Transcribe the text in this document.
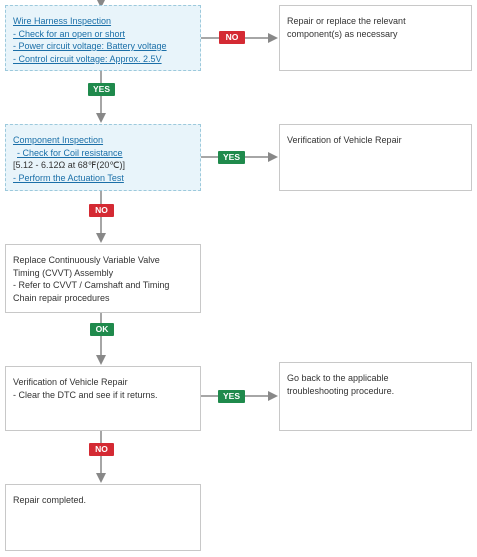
Wire Harness Inspection
- Check for an open or short
- Power circuit voltage: Battery voltage
- Control circuit voltage: Approx. 2.5V
Repair or replace the relevant
component(s) as necessary
Component Inspection
- Check for Coil resistance
[5.12 - 6.12Ω at 68℉(20℃)]
- Perform the Actuation Test
Verification of Vehicle Repair
Replace Continuously Variable Valve
Timing (CVVT) Assembly
- Refer to CVVT / Camshaft and Timing
Chain repair procedures
Verification of Vehicle Repair
- Clear the DTC and see if it returns.
Go back to the applicable
troubleshooting procedure.
Repair completed.
NO
YES
YES
NO
OK
YES
NO
